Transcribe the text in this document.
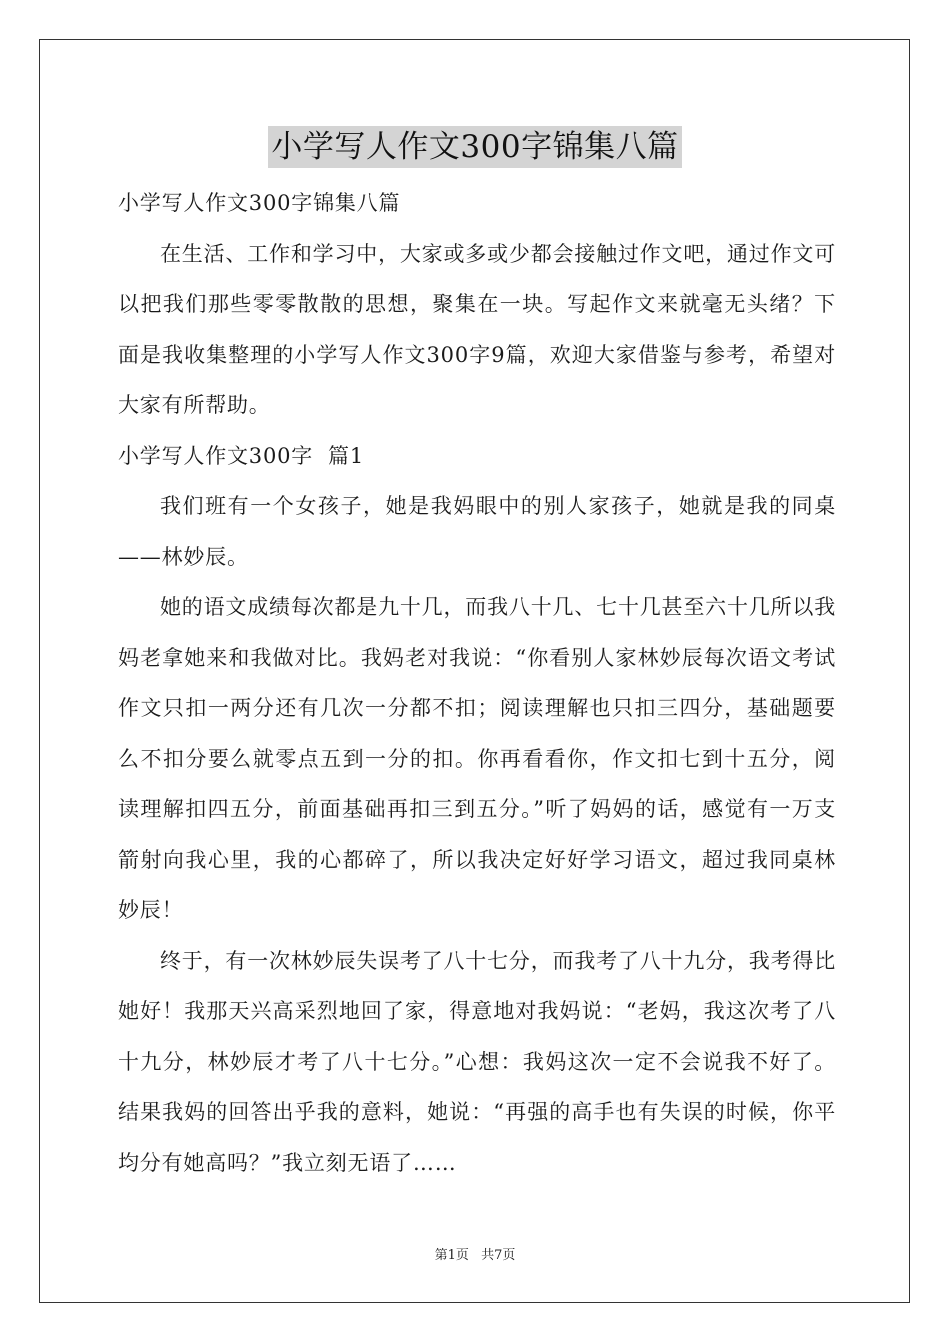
小学写人作文300字锦集八篇

小学写人作文300字锦集八篇

在生活、工作和学习中，大家或多或少都会接触过作文吧，通过作文可以把我们那些零零散散的思想，聚集在一块。写起作文来就毫无头绪？下面是我收集整理的小学写人作文300字9篇，欢迎大家借鉴与参考，希望对大家有所帮助。

小学写人作文300字  篇1

我们班有一个女孩子，她是我妈眼中的别人家孩子，她就是我的同桌——林妙辰。

她的语文成绩每次都是九十几，而我八十几、七十几甚至六十几所以我妈老拿她来和我做对比。我妈老对我说：“你看别人家林妙辰每次语文考试作文只扣一两分还有几次一分都不扣；阅读理解也只扣三四分，基础题要么不扣分要么就零点五到一分的扣。你再看看你，作文扣七到十五分，阅读理解扣四五分，前面基础再扣三到五分。”听了妈妈的话，感觉有一万支箭射向我心里，我的心都碎了，所以我决定好好学习语文，超过我同桌林妙辰！

终于，有一次林妙辰失误考了八十七分，而我考了八十九分，我考得比她好！我那天兴高采烈地回了家，得意地对我妈说：“老妈，我这次考了八十九分，林妙辰才考了八十七分。”心想：我妈这次一定不会说我不好了。结果我妈的回答出乎我的意料，她说：“再强的高手也有失误的时候，你平均分有她高吗？”我立刻无语了……

第1页 共7页
